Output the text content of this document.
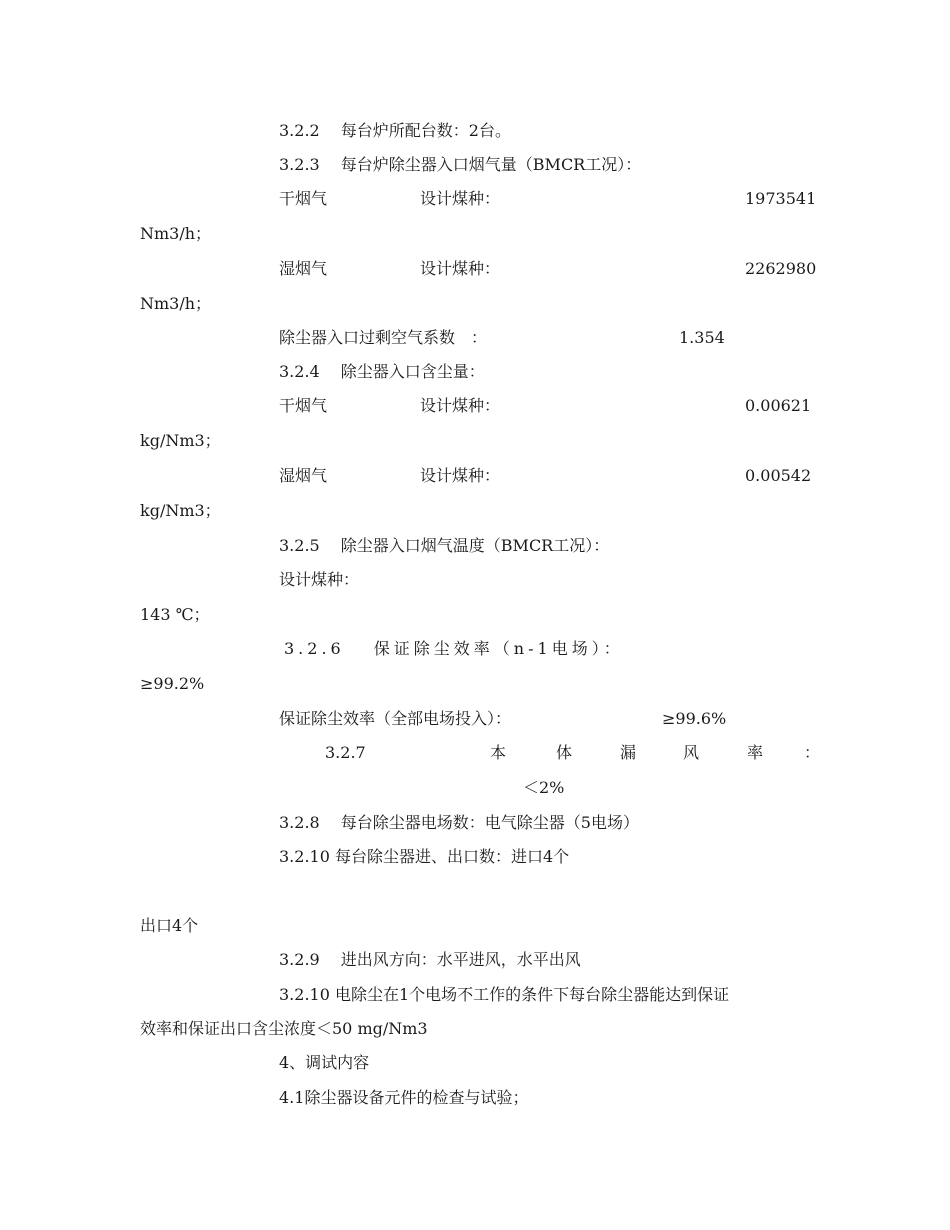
3.2.2　 每台炉所配台数：2台。
3.2.3　 每台炉除尘器入口烟气量（BMCR工况）：
干烟气	设计煤种：	1973541
Nm3/h；
湿烟气	设计煤种：	2262980
Nm3/h；
除尘器入口过剩空气系数　：	1.354
3.2.4　 除尘器入口含尘量：
干烟气	设计煤种：	0.00621
kg/Nm3；
湿烟气	设计煤种：	0.00542
kg/Nm3；
3.2.5　 除尘器入口烟气温度（BMCR工况）：
设计煤种：
143 ℃；
3.2.6　 保证除尘效率（n-1电场）：
≥99.2%
保证除尘效率（全部电场投入）：	≥99.6%
3.2.7	本	体	漏	风	率	：
＜2%
3.2.8　 每台除尘器电场数：电气除尘器（5电场）
3.2.10 每台除尘器进、出口数：进口4个
出口4个
3.2.9　 进出风方向：水平进风，水平出风
3.2.10 电除尘在1个电场不工作的条件下每台除尘器能达到保证
效率和保证出口含尘浓度＜50 mg/Nm3
4、调试内容
4.1除尘器设备元件的检查与试验；
